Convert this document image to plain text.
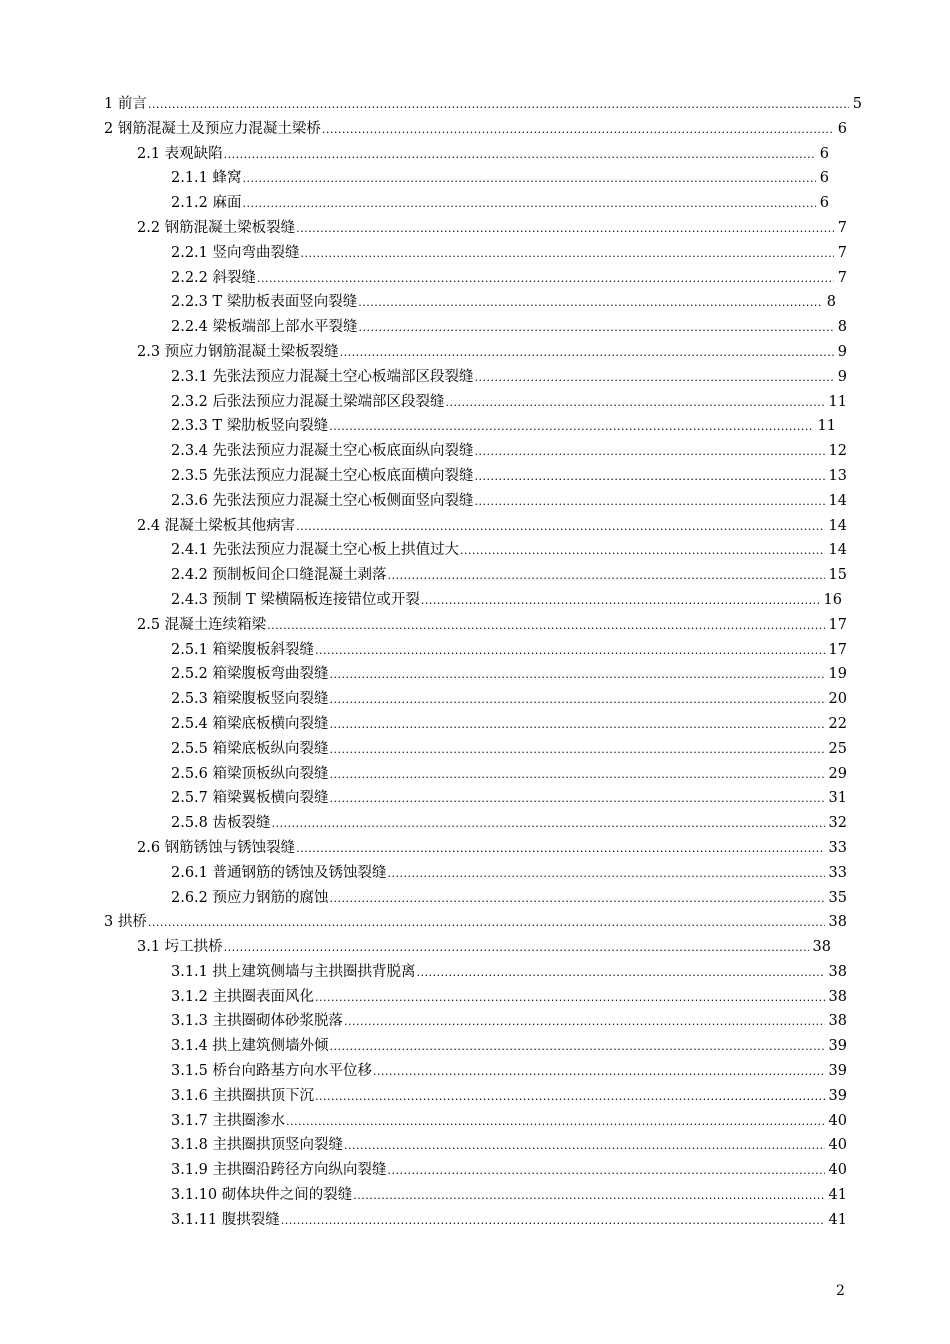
1 前言 .....	5
2 钢筋混凝土及预应力混凝土梁桥 .....	6
2.1 表观缺陷 .....	6
2.1.1 蜂窝 .....	6
2.1.2 麻面 .....	6
2.2 钢筋混凝土梁板裂缝 .....	7
2.2.1 竖向弯曲裂缝 .....	7
2.2.2 斜裂缝 .....	7
2.2.3 T 梁肋板表面竖向裂缝 .....	8
2.2.4 梁板端部上部水平裂缝 .....	8
2.3 预应力钢筋混凝土梁板裂缝 .....	9
2.3.1 先张法预应力混凝土空心板端部区段裂缝 .....	9
2.3.2 后张法预应力混凝土梁端部区段裂缝 .....	11
2.3.3 T 梁肋板竖向裂缝 .....	11
2.3.4 先张法预应力混凝土空心板底面纵向裂缝 .....	12
2.3.5 先张法预应力混凝土空心板底面横向裂缝 .....	13
2.3.6 先张法预应力混凝土空心板侧面竖向裂缝 .....	14
2.4 混凝土梁板其他病害 .....	14
2.4.1 先张法预应力混凝土空心板上拱值过大 .....	14
2.4.2 预制板间企口缝混凝土剥落 .....	15
2.4.3 预制 T 梁横隔板连接错位或开裂 .....	16
2.5 混凝土连续箱梁 .....	17
2.5.1 箱梁腹板斜裂缝 .....	17
2.5.2 箱梁腹板弯曲裂缝 .....	19
2.5.3 箱梁腹板竖向裂缝 .....	20
2.5.4 箱梁底板横向裂缝 .....	22
2.5.5 箱梁底板纵向裂缝 .....	25
2.5.6 箱梁顶板纵向裂缝 .....	29
2.5.7 箱梁翼板横向裂缝 .....	31
2.5.8 齿板裂缝 .....	32
2.6 钢筋锈蚀与锈蚀裂缝 .....	33
2.6.1 普通钢筋的锈蚀及锈蚀裂缝 .....	33
2.6.2 预应力钢筋的腐蚀 .....	35
3 拱桥 .....	38
3.1 圬工拱桥 .....	38
3.1.1 拱上建筑侧墙与主拱圈拱背脱离 .....	38
3.1.2 主拱圈表面风化 .....	38
3.1.3 主拱圈砌体砂浆脱落 .....	38
3.1.4 拱上建筑侧墙外倾 .....	39
3.1.5 桥台向路基方向水平位移 .....	39
3.1.6 主拱圈拱顶下沉 .....	39
3.1.7 主拱圈渗水 .....	40
3.1.8 主拱圈拱顶竖向裂缝 .....	40
3.1.9 主拱圈沿跨径方向纵向裂缝 .....	40
3.1.10 砌体块件之间的裂缝 .....	41
3.1.11 腹拱裂缝 .....	41
2
